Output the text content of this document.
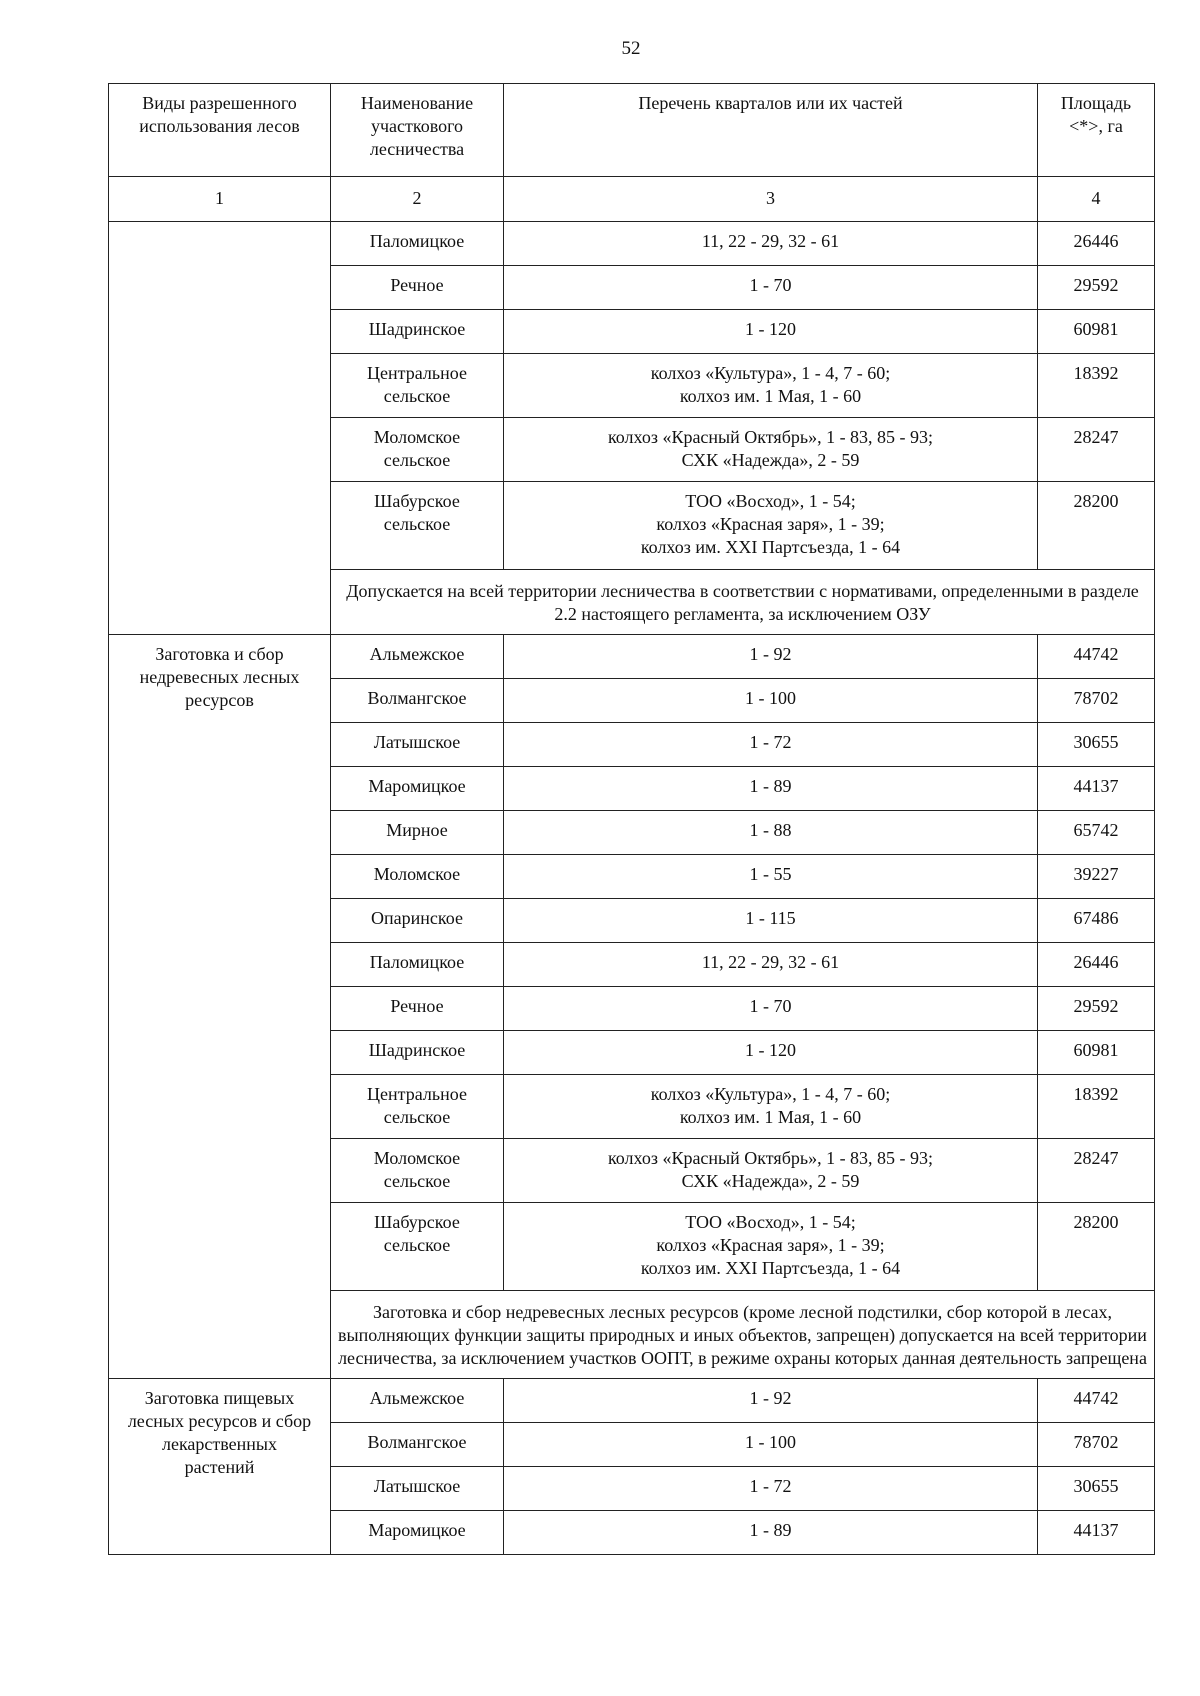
52
Виды разрешенного
использования лесов	Наименование
участкового
лесничества	Перечень кварталов или их частей	Площадь
<*>, га
1	2	3	4
	Паломицкое	11, 22 - 29, 32 - 61	26446
	Речное	1 - 70	29592
	Шадринское	1 - 120	60981
	Центральное
сельское	колхоз «Культура», 1 - 4, 7 - 60;
колхоз им. 1 Мая, 1 - 60	18392
	Моломское
сельское	колхоз «Красный Октябрь», 1 - 83, 85 - 93;
СХК «Надежда», 2 - 59	28247
	Шабурское
сельское	ТОО «Восход», 1 - 54;
колхоз «Красная заря», 1 - 39;
колхоз им. XXI Партсъезда, 1 - 64	28200
	Допускается на всей территории лесничества в соответствии с нормативами, определенными в разделе 2.2 настоящего регламента, за исключением ОЗУ		
Заготовка и сбор
недревесных лесных
ресурсов	Альмежское	1 - 92	44742
	Волмангское	1 - 100	78702
	Латышское	1 - 72	30655
	Маромицкое	1 - 89	44137
	Мирное	1 - 88	65742
	Моломское	1 - 55	39227
	Опаринское	1 - 115	67486
	Паломицкое	11, 22 - 29, 32 - 61	26446
	Речное	1 - 70	29592
	Шадринское	1 - 120	60981
	Центральное
сельское	колхоз «Культура», 1 - 4, 7 - 60;
колхоз им. 1 Мая, 1 - 60	18392
	Моломское
сельское	колхоз «Красный Октябрь», 1 - 83, 85 - 93;
СХК «Надежда», 2 - 59	28247
	Шабурское
сельское	ТОО «Восход», 1 - 54;
колхоз «Красная заря», 1 - 39;
колхоз им. XXI Партсъезда, 1 - 64	28200
	Заготовка и сбор недревесных лесных ресурсов (кроме лесной подстилки, сбор которой в лесах, выполняющих функции защиты природных и иных объектов, запрещен) допускается на всей территории лесничества, за исключением участков ООПТ, в режиме охраны которых данная деятельность запрещена		
Заготовка пищевых
лесных ресурсов и сбор
лекарственных
растений	Альмежское	1 - 92	44742
	Волмангское	1 - 100	78702
	Латышское	1 - 72	30655
	Маромицкое	1 - 89	44137
